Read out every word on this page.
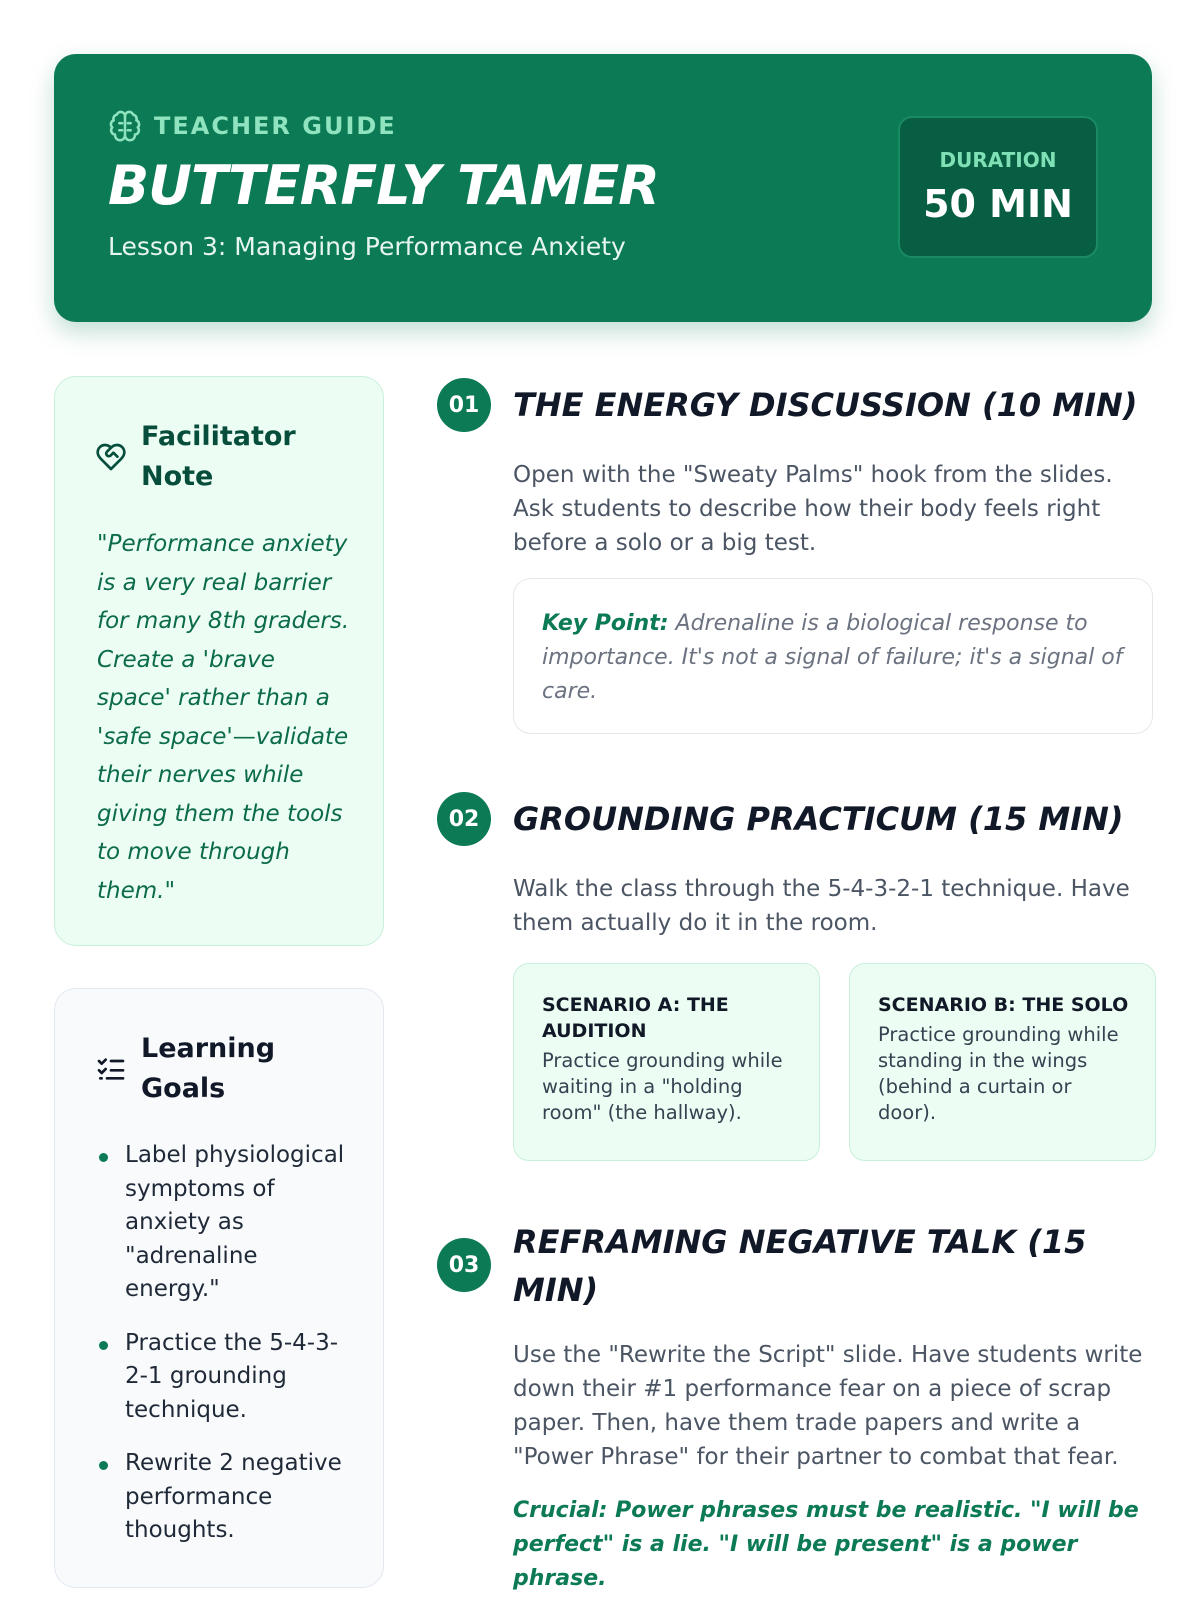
TEACHER GUIDE
BUTTERFLY TAMER
Lesson 3: Managing Performance Anxiety
DURATION
50 MIN
Facilitator Note
"Performance anxiety is a very real barrier for many 8th graders. Create a 'brave space' rather than a 'safe space'—validate their nerves while giving them the tools to move through them."
Learning Goals
Label physiological symptoms of anxiety as "adrenaline energy."
Practice the 5-4-3-2-1 grounding technique.
Rewrite 2 negative performance thoughts.
01	THE ENERGY DISCUSSION (10 MIN)
Open with the "Sweaty Palms" hook from the slides. Ask students to describe how their body feels right before a solo or a big test.
Key Point: Adrenaline is a biological response to importance. It's not a signal of failure; it's a signal of care.
02	GROUNDING PRACTICUM (15 MIN)
Walk the class through the 5-4-3-2-1 technique. Have them actually do it in the room.
SCENARIO A: THE AUDITION
Practice grounding while waiting in a "holding room" (the hallway).
SCENARIO B: THE SOLO
Practice grounding while standing in the wings (behind a curtain or door).
03
REFRAMING NEGATIVE TALK (15 MIN)
Use the "Rewrite the Script" slide. Have students write down their #1 performance fear on a piece of scrap paper. Then, have them trade papers and write a "Power Phrase" for their partner to combat that fear.
Crucial: Power phrases must be realistic. "I will be perfect" is a lie. "I will be present" is a power phrase.
